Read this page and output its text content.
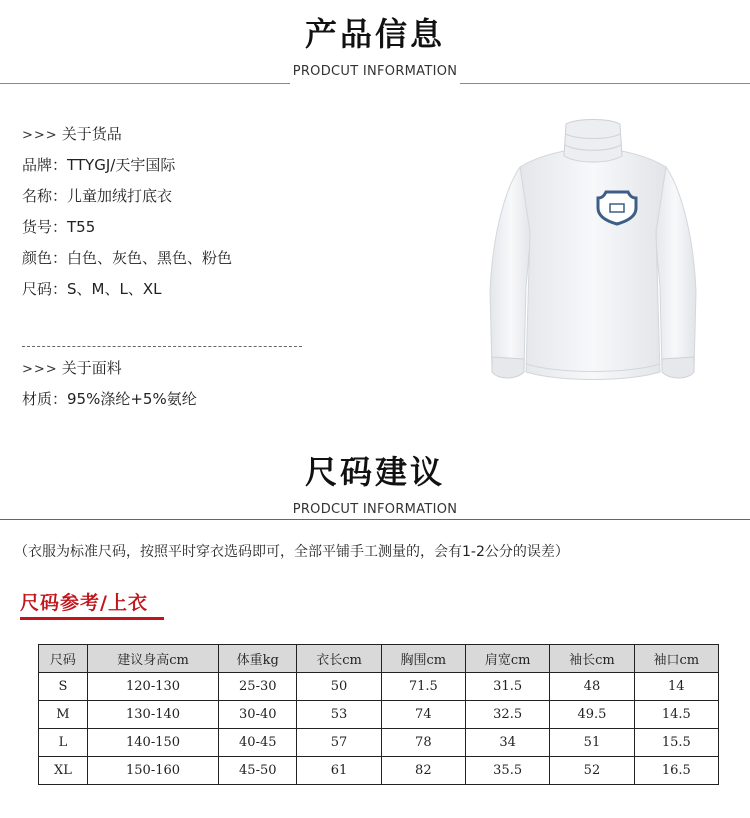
产品信息
PRODCUT INFORMATION
>>> 关于货品
品牌：TTYGJ/天宇国际
名称：儿童加绒打底衣
货号：T55
颜色：白色、灰色、黑色、粉色
尺码：S、M、L、XL
>>> 关于面料
材质：95%涤纶+5%氨纶
尺码建议
PRODCUT INFORMATION
（衣服为标准尺码，按照平时穿衣选码即可，全部平铺手工测量的，会有1-2公分的误差）
尺码参考/上衣
尺码	建议身高cm	体重kg	衣长cm	胸围cm	肩宽cm	袖长cm	袖口cm
S	120-130	25-30	50	71.5	31.5	48	14
M	130-140	30-40	53	74	32.5	49.5	14.5
L	140-150	40-45	57	78	34	51	15.5
XL	150-160	45-50	61	82	35.5	52	16.5
